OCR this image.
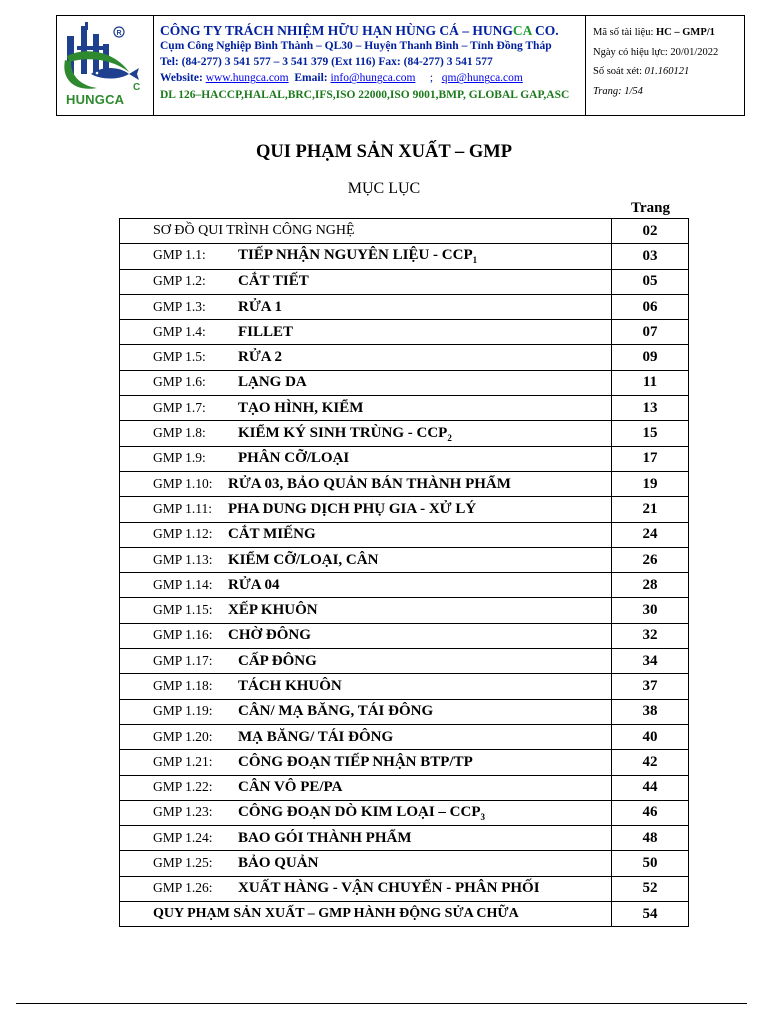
R
C
HUNGCA
CÔNG TY TRÁCH NHIỆM HỮU HẠN HÙNG CÁ – HUNGCA CO.
Cụm Công Nghiệp Bình Thành – QL30 – Huyện Thanh Bình – Tỉnh Đồng Tháp
Tel: (84-277) 3 541 577 – 3 541 379 (Ext 116) Fax: (84-277) 3 541 577
Website: www.hungca.com Email: info@hungca.com ; qm@hungca.com
DL 126–HACCP,HALAL,BRC,IFS,ISO 22000,ISO 9001,BMP, GLOBAL GAP,ASC
Mã số tài liệu: HC – GMP/1
Ngày có hiệu lực: 20/01/2022
Số soát xét: 01.160121
Trang: 1/54
QUI PHẠM SẢN XUẤT – GMP
MỤC LỤC
Trang
SƠ ĐỒ QUI TRÌNH CÔNG NGHỆ	02
GMP 1.1: TIẾP NHẬN NGUYÊN LIỆU - $CCP_1$	03
GMP 1.2: CẮT TIẾT	05
GMP 1.3: RỬA 1	06
GMP 1.4: FILLET	07
GMP 1.5: RỬA 2	09
GMP 1.6: LẠNG DA	11
GMP 1.7: TẠO HÌNH, KIỂM	13
GMP 1.8: KIỂM KÝ SINH TRÙNG - $CCP_2$	15
GMP 1.9: PHÂN CỠ/LOẠI	17
GMP 1.10: RỬA 03, BẢO QUẢN BÁN THÀNH PHẨM	19
GMP 1.11: PHA DUNG DỊCH PHỤ GIA - XỬ LÝ	21
GMP 1.12: CẮT MIẾNG	24
GMP 1.13: KIỂM CỠ/LOẠI, CÂN	26
GMP 1.14: RỬA 04	28
GMP 1.15: XẾP KHUÔN	30
GMP 1.16: CHỜ ĐÔNG	32
GMP 1.17: CẤP ĐÔNG	34
GMP 1.18: TÁCH KHUÔN	37
GMP 1.19: CÂN/ MẠ BĂNG, TÁI ĐÔNG	38
GMP 1.20: MẠ BĂNG/ TÁI ĐÔNG	40
GMP 1.21: CÔNG ĐOẠN TIẾP NHẬN BTP/TP	42
GMP 1.22: CÂN VÔ PE/PA	44
GMP 1.23: CÔNG ĐOẠN DÒ KIM LOẠI – $CCP_3$	46
GMP 1.24: BAO GÓI THÀNH PHẨM	48
GMP 1.25: BẢO QUẢN	50
GMP 1.26: XUẤT HÀNG - VẬN CHUYỂN - PHÂN PHỐI	52
QUY PHẠM SẢN XUẤT – GMP HÀNH ĐỘNG SỬA CHỮA	54
